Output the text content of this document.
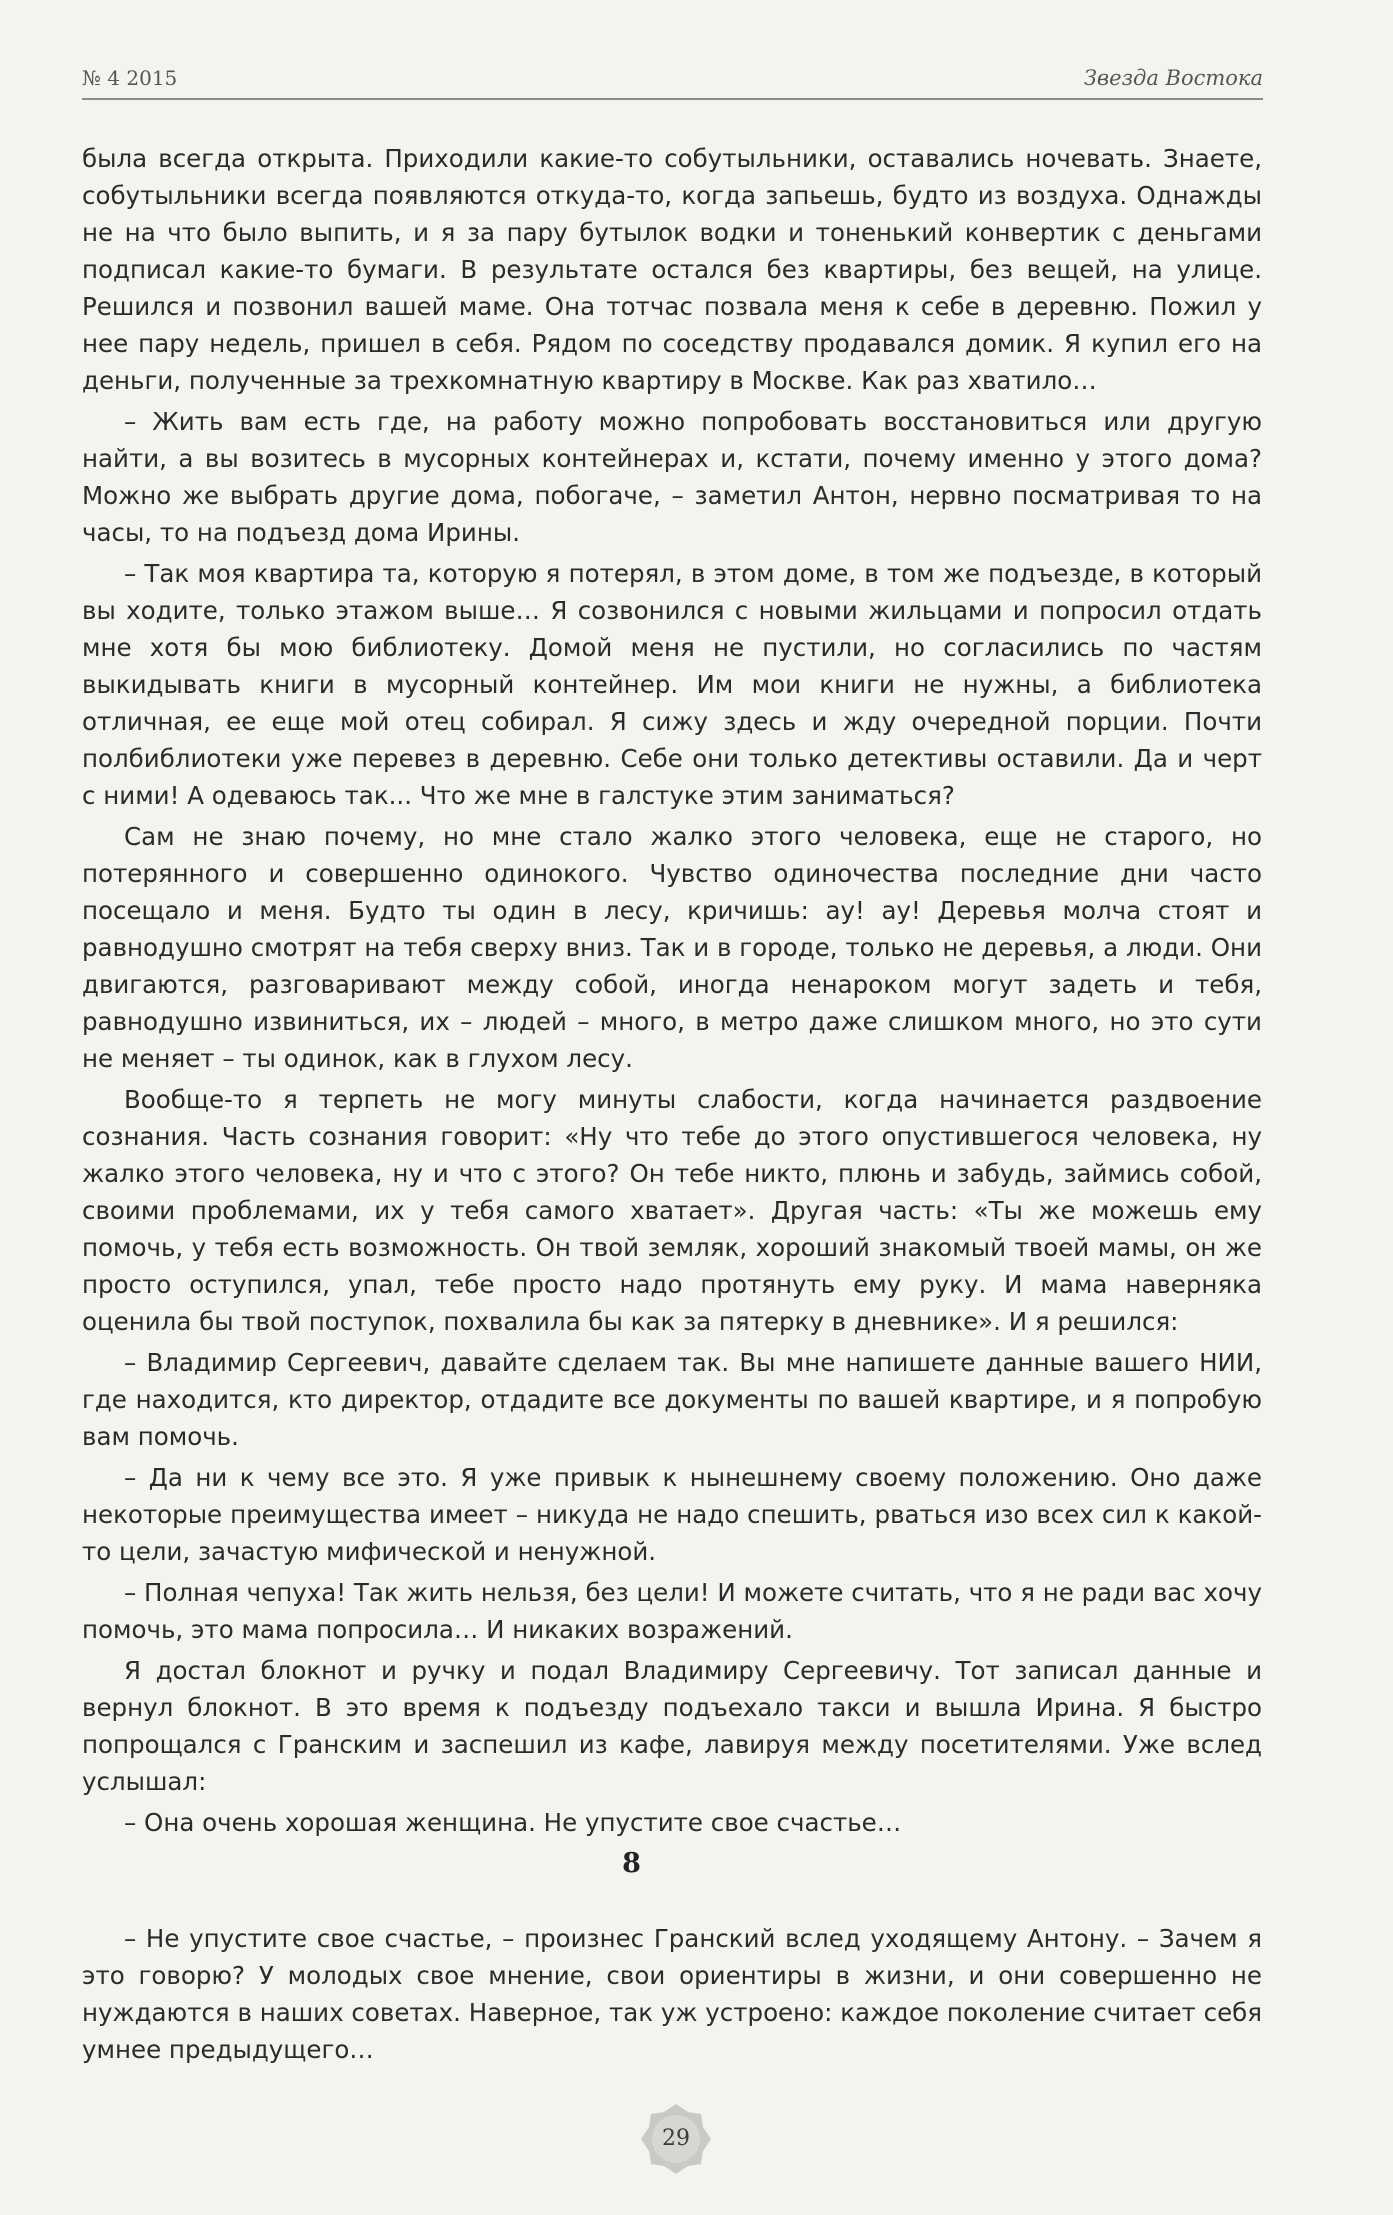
№ 4 2015	Звезда Востока

была всегда открыта. Приходили какие-то собутыльники, оставались ночевать. Знаете, собутыльники всегда появляются откуда-то, когда запьешь, будто из воздуха. Однажды не на что было выпить, и я за пару бутылок водки и тоненький конвертик с деньгами подписал какие-то бумаги. В результате остался без квартиры, без вещей, на улице. Решился и позвонил вашей маме. Она тотчас позвала меня к себе в деревню. Пожил у нее пару недель, пришел в себя. Рядом по соседству продавался домик. Я купил его на деньги, полученные за трехкомнатную квартиру в Москве. Как раз хватило…

– Жить вам есть где, на работу можно попробовать восстановиться или другую найти, а вы возитесь в мусорных контейнерах и, кстати, почему именно у этого дома? Можно же выбрать другие дома, побогаче, – заметил Антон, нервно посматривая то на часы, то на подъезд дома Ирины.

– Так моя квартира та, которую я потерял, в этом доме, в том же подъезде, в который вы ходите, только этажом выше… Я созвонился с новыми жильцами и попросил отдать мне хотя бы мою библиотеку. Домой меня не пустили, но согласились по частям выкидывать книги в мусорный контейнер. Им мои книги не нужны, а библиотека отличная, ее еще мой отец собирал. Я сижу здесь и жду очередной порции. Почти полбиблиотеки уже перевез в деревню. Себе они только детективы оставили. Да и черт с ними! А одеваюсь так... Что же мне в галстуке этим заниматься?

Сам не знаю почему, но мне стало жалко этого человека, еще не старого, но потерянного и совершенно одинокого. Чувство одиночества последние дни часто посещало и меня. Будто ты один в лесу, кричишь: ау! ау! Деревья молча стоят и равнодушно смотрят на тебя сверху вниз. Так и в городе, только не деревья, а люди. Они двигаются, разговаривают между собой, иногда ненароком могут задеть и тебя, равнодушно извиниться, их – людей – много, в метро даже слишком много, но это сути не меняет – ты одинок, как в глухом лесу.

Вообще-то я терпеть не могу минуты слабости, когда начинается раздвоение сознания. Часть сознания говорит: «Ну что тебе до этого опустившегося человека, ну жалко этого человека, ну и что с этого? Он тебе никто, плюнь и забудь, займись собой, своими проблемами, их у тебя самого хватает». Другая часть: «Ты же можешь ему помочь, у тебя есть возможность. Он твой земляк, хороший знакомый твоей мамы, он же просто оступился, упал, тебе просто надо протянуть ему руку. И мама наверняка оценила бы твой поступок, похвалила бы как за пятерку в дневнике». И я решился:

– Владимир Сергеевич, давайте сделаем так. Вы мне напишете данные вашего НИИ, где находится, кто директор, отдадите все документы по вашей квартире, и я попробую вам помочь.

– Да ни к чему все это. Я уже привык к нынешнему своему положению. Оно даже некоторые преимущества имеет – никуда не надо спешить, рваться изо всех сил к какой-то цели, зачастую мифической и ненужной.

– Полная чепуха! Так жить нельзя, без цели! И можете считать, что я не ради вас хочу помочь, это мама попросила… И никаких возражений.

Я достал блокнот и ручку и подал Владимиру Сергеевичу. Тот записал данные и вернул блокнот. В это время к подъезду подъехало такси и вышла Ирина. Я быстро попрощался с Гранским и заспешил из кафе, лавируя между посетителями. Уже вслед услышал:

– Она очень хорошая женщина. Не упустите свое счастье…

8

– Не упустите свое счастье, – произнес Гранский вслед уходящему Антону. – Зачем я это говорю? У молодых свое мнение, свои ориентиры в жизни, и они совершенно не нуждаются в наших советах. Наверное, так уж устроено: каждое поколение считает себя умнее предыдущего…

29
